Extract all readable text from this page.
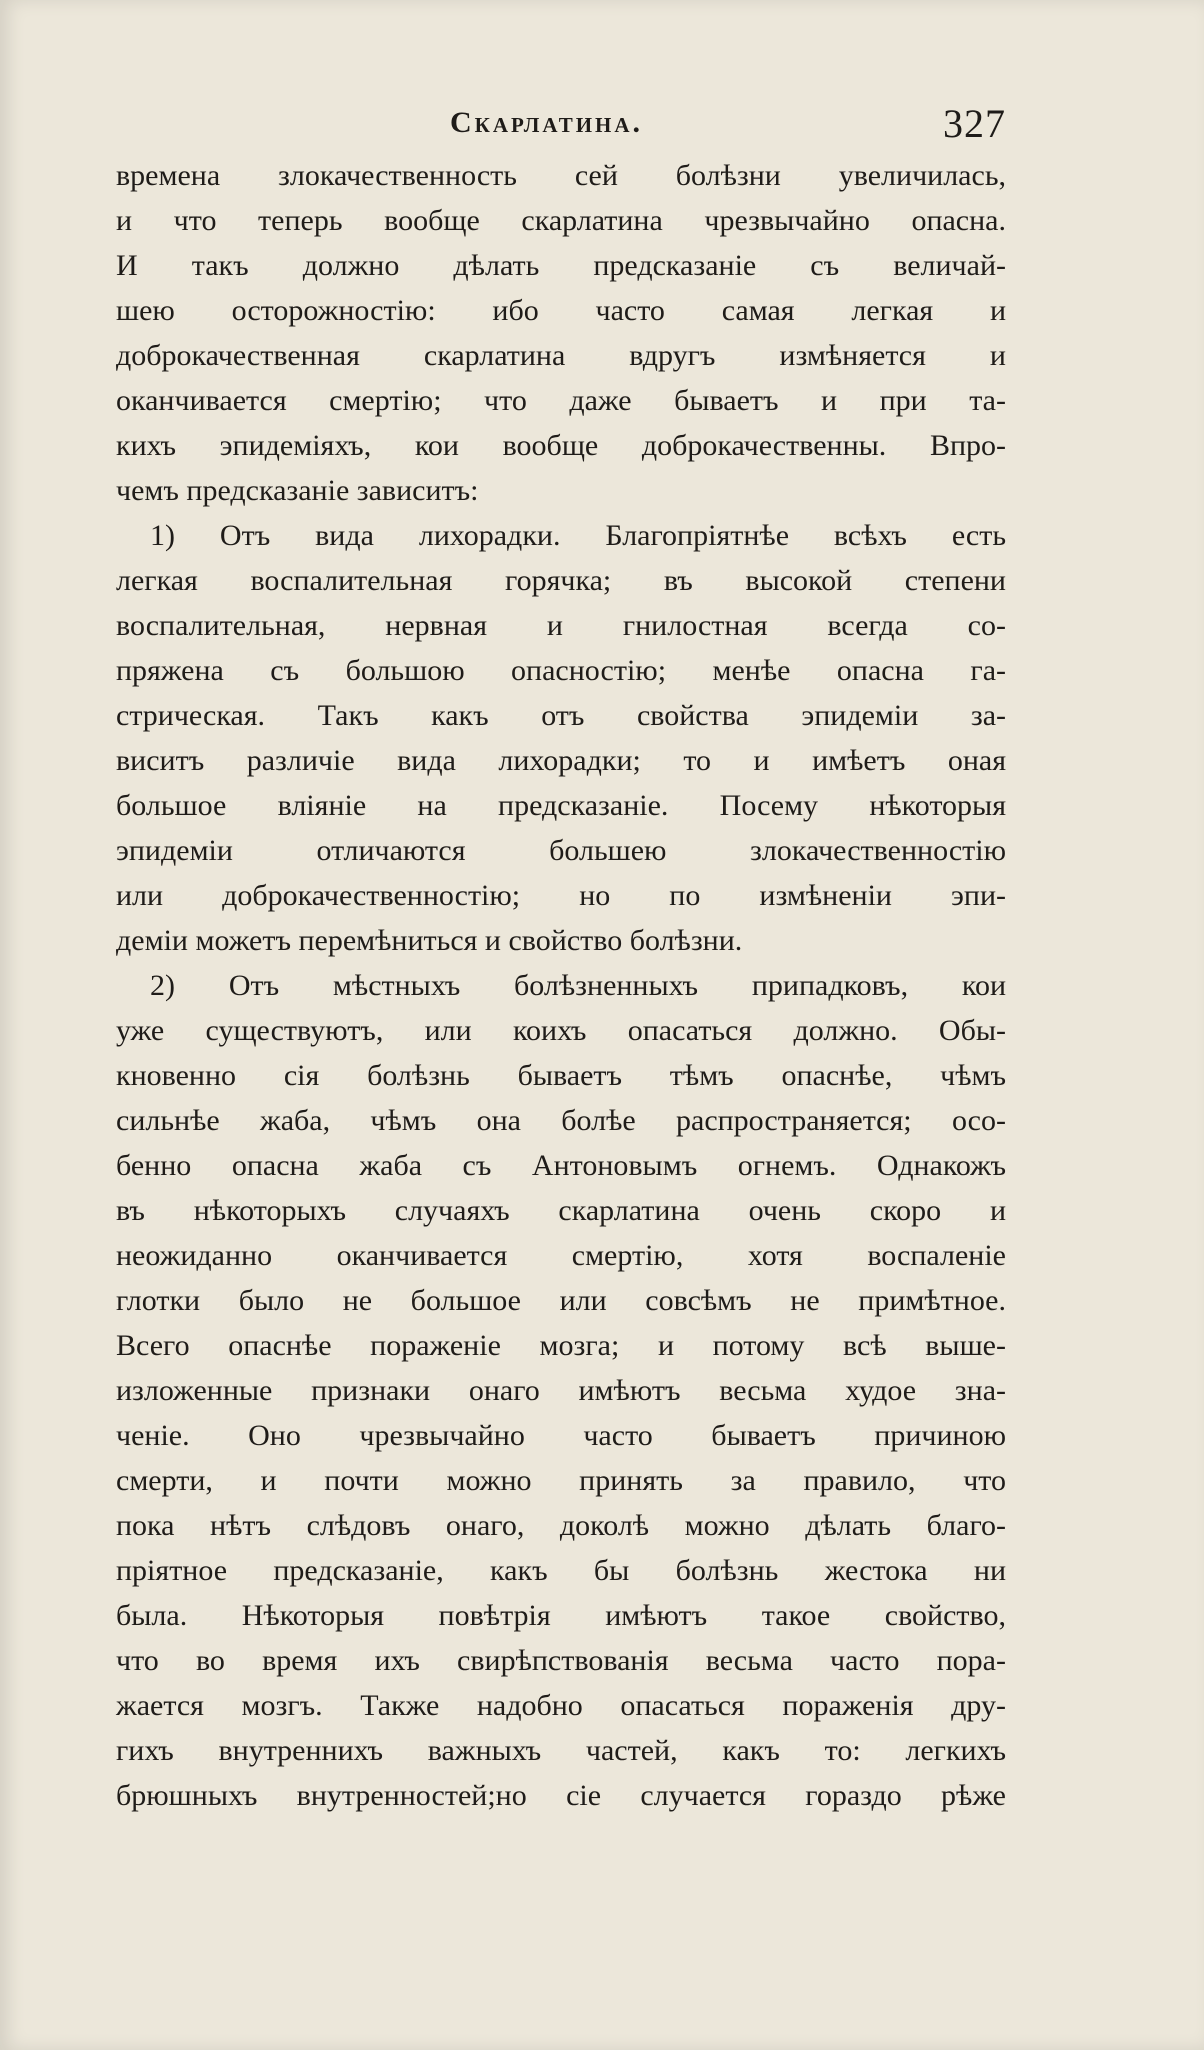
Скарлатина.	327
времена злокачественность сей болѣзни увеличилась,
и что теперь вообще скарлатина чрезвычайно опасна.
И такъ должно дѣлать предсказаніе съ величай-
шею осторожностію: ибо часто самая легкая и
доброкачественная скарлатина вдругъ измѣняется и
оканчивается смертію; что даже бываетъ и при та-
кихъ эпидеміяхъ, кои вообще доброкачественны. Впро-
чемъ предсказаніе зависитъ:
1) Отъ вида лихорадки. Благопріятнѣе всѣхъ есть
легкая воспалительная горячка; въ высокой степени
воспалительная, нервная и гнилостная всегда со-
пряжена съ большою опасностію; менѣе опасна га-
стрическая. Такъ какъ отъ свойства эпидеміи за-
виситъ различіе вида лихорадки; то и имѣетъ оная
большое вліяніе на предсказаніе. Посему нѣкоторыя
эпидеміи отличаются большею злокачественностію
или доброкачественностію; но по измѣненіи эпи-
деміи можетъ перемѣниться и свойство болѣзни.
2) Отъ мѣстныхъ болѣзненныхъ припадковъ, кои
уже существуютъ, или коихъ опасаться должно. Обы-
кновенно сія болѣзнь бываетъ тѣмъ опаснѣе, чѣмъ
сильнѣе жаба, чѣмъ она болѣе распространяется; осо-
бенно опасна жаба съ Антоновымъ огнемъ. Однакожъ
въ нѣкоторыхъ случаяхъ скарлатина очень скоро и
неожиданно оканчивается смертію, хотя воспаленіе
глотки было не большое или совсѣмъ не примѣтное.
Всего опаснѣе пораженіе мозга; и потому всѣ выше-
изложенные признаки онаго имѣютъ весьма худое зна-
ченіе. Оно чрезвычайно часто бываетъ причиною
смерти, и почти можно принять за правило, что
пока нѣтъ слѣдовъ онаго, доколѣ можно дѣлать благо-
пріятное предсказаніе, какъ бы болѣзнь жестока ни
была. Нѣкоторыя повѣтрія имѣютъ такое свойство,
что во время ихъ свирѣпствованія весьма часто пора-
жается мозгъ. Также надобно опасаться пораженія дру-
гихъ внутреннихъ важныхъ частей, какъ то: легкихъ
брюшныхъ внутренностей;но сіе случается гораздо рѣже
